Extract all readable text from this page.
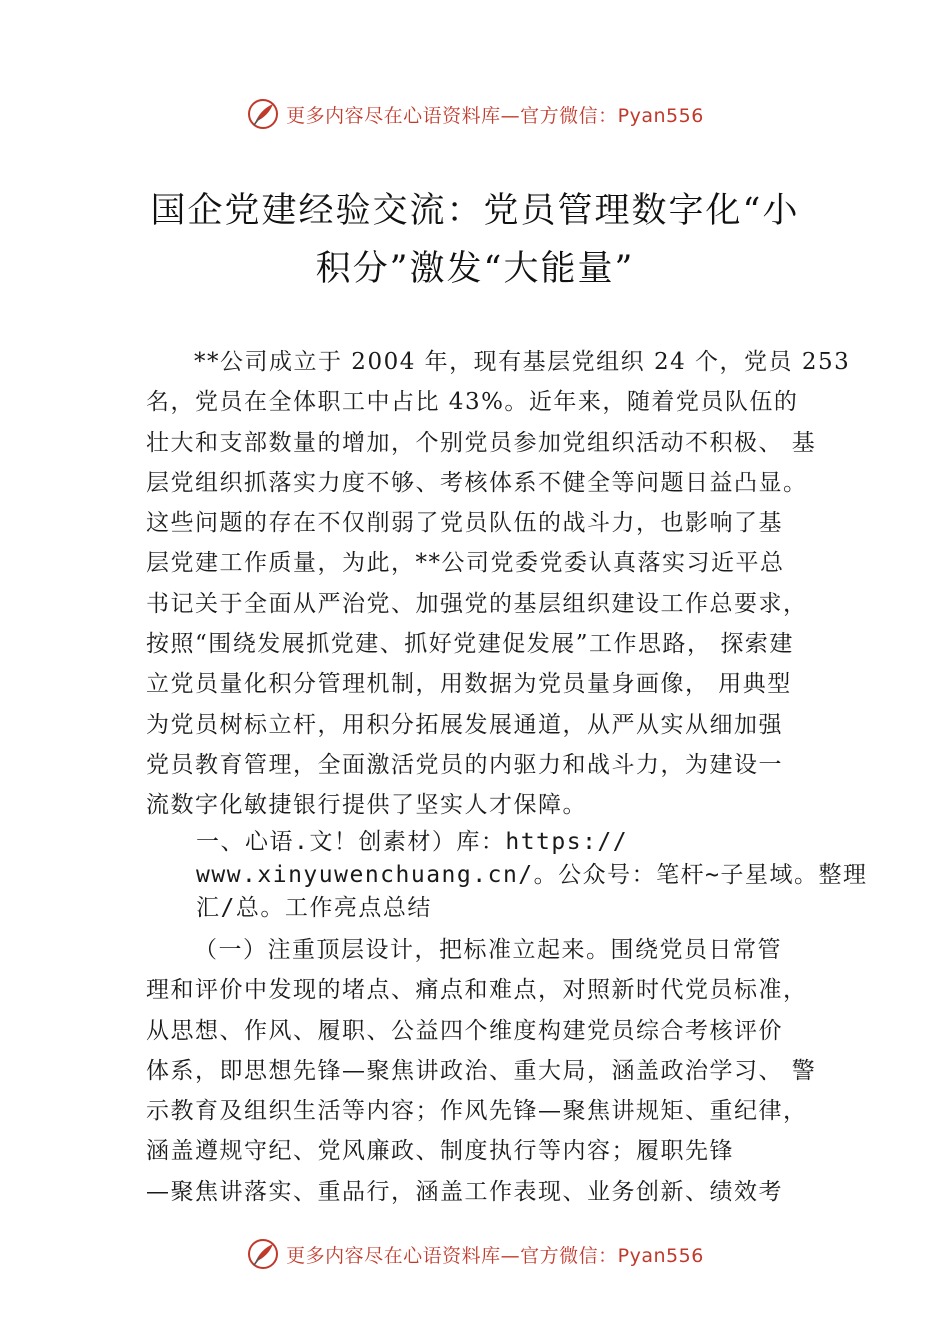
更多内容尽在心语资料库—官方微信：Pyan556
国企党建经验交流：党员管理数字化“小
积分”激发“大能量”
**公司成立于 2004 年，现有基层党组织 24 个，党员 253
名，党员在全体职工中占比 43%。近年来，随着党员队伍的
壮大和支部数量的增加，个别党员参加党组织活动不积极、 基
层党组织抓落实力度不够、考核体系不健全等问题日益凸显。
这些问题的存在不仅削弱了党员队伍的战斗力，也影响了基
层党建工作质量，为此，**公司党委党委认真落实习近平总
书记关于全面从严治党、加强党的基层组织建设工作总要求，
按照“围绕发展抓党建、抓好党建促发展”工作思路， 探索建
立党员量化积分管理机制，用数据为党员量身画像， 用典型
为党员树标立杆，用积分拓展发展通道，从严从实从细加强
党员教育管理，全面激活党员的内驱力和战斗力，为建设一
流数字化敏捷银行提供了坚实人才保障。
一、心语.文！创素材）库：https://
www.xinyuwenchuang.cn/。公众号：笔杆~子星域。整理
汇/总。工作亮点总结
（一）注重顶层设计，把标准立起来。围绕党员日常管
理和评价中发现的堵点、痛点和难点，对照新时代党员标准，
从思想、作风、履职、公益四个维度构建党员综合考核评价
体系，即思想先锋—聚焦讲政治、重大局，涵盖政治学习、 警
示教育及组织生活等内容；作风先锋—聚焦讲规矩、重纪律，
涵盖遵规守纪、党风廉政、制度执行等内容；履职先锋
—聚焦讲落实、重品行，涵盖工作表现、业务创新、绩效考
更多内容尽在心语资料库—官方微信：Pyan556
